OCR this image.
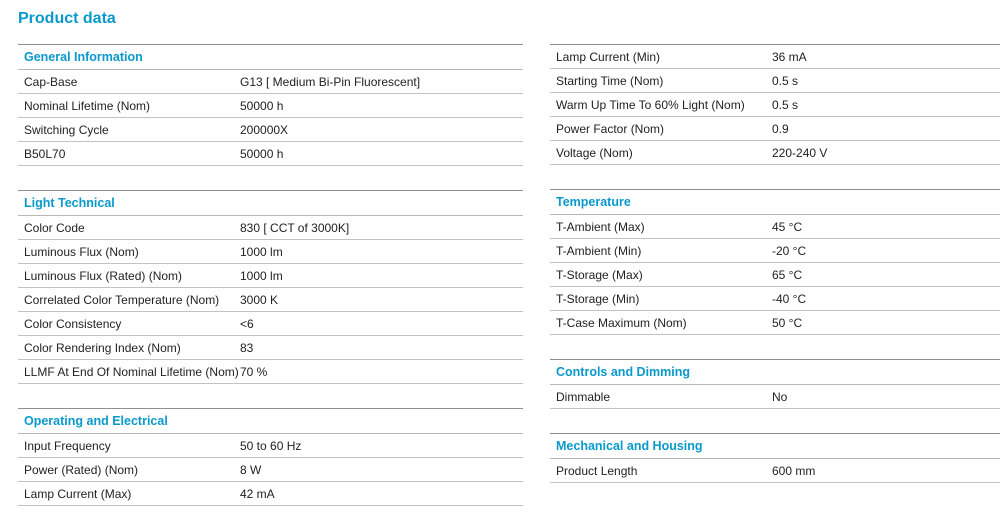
Product data
General Information
Cap-Base	G13 [ Medium Bi-Pin Fluorescent]
Nominal Lifetime (Nom)	50000 h
Switching Cycle	200000X
B50L70	50000 h
Light Technical
Color Code	830 [ CCT of 3000K]
Luminous Flux (Nom)	1000 lm
Luminous Flux (Rated) (Nom)	1000 lm
Correlated Color Temperature (Nom)	3000 K
Color Consistency	<6
Color Rendering Index (Nom)	83
LLMF At End Of Nominal Lifetime (Nom) 70 %
Operating and Electrical
Input Frequency	50 to 60 Hz
Power (Rated) (Nom)	8 W
Lamp Current (Max)	42 mA
Lamp Current (Min)	36 mA
Starting Time (Nom)	0.5 s
Warm Up Time To 60% Light (Nom)	0.5 s
Power Factor (Nom)	0.9
Voltage (Nom)	220-240 V
Temperature
T-Ambient (Max)	45 °C
T-Ambient (Min)	-20 °C
T-Storage (Max)	65 °C
T-Storage (Min)	-40 °C
T-Case Maximum (Nom)	50 °C
Controls and Dimming
Dimmable	No
Mechanical and Housing
Product Length	600 mm
